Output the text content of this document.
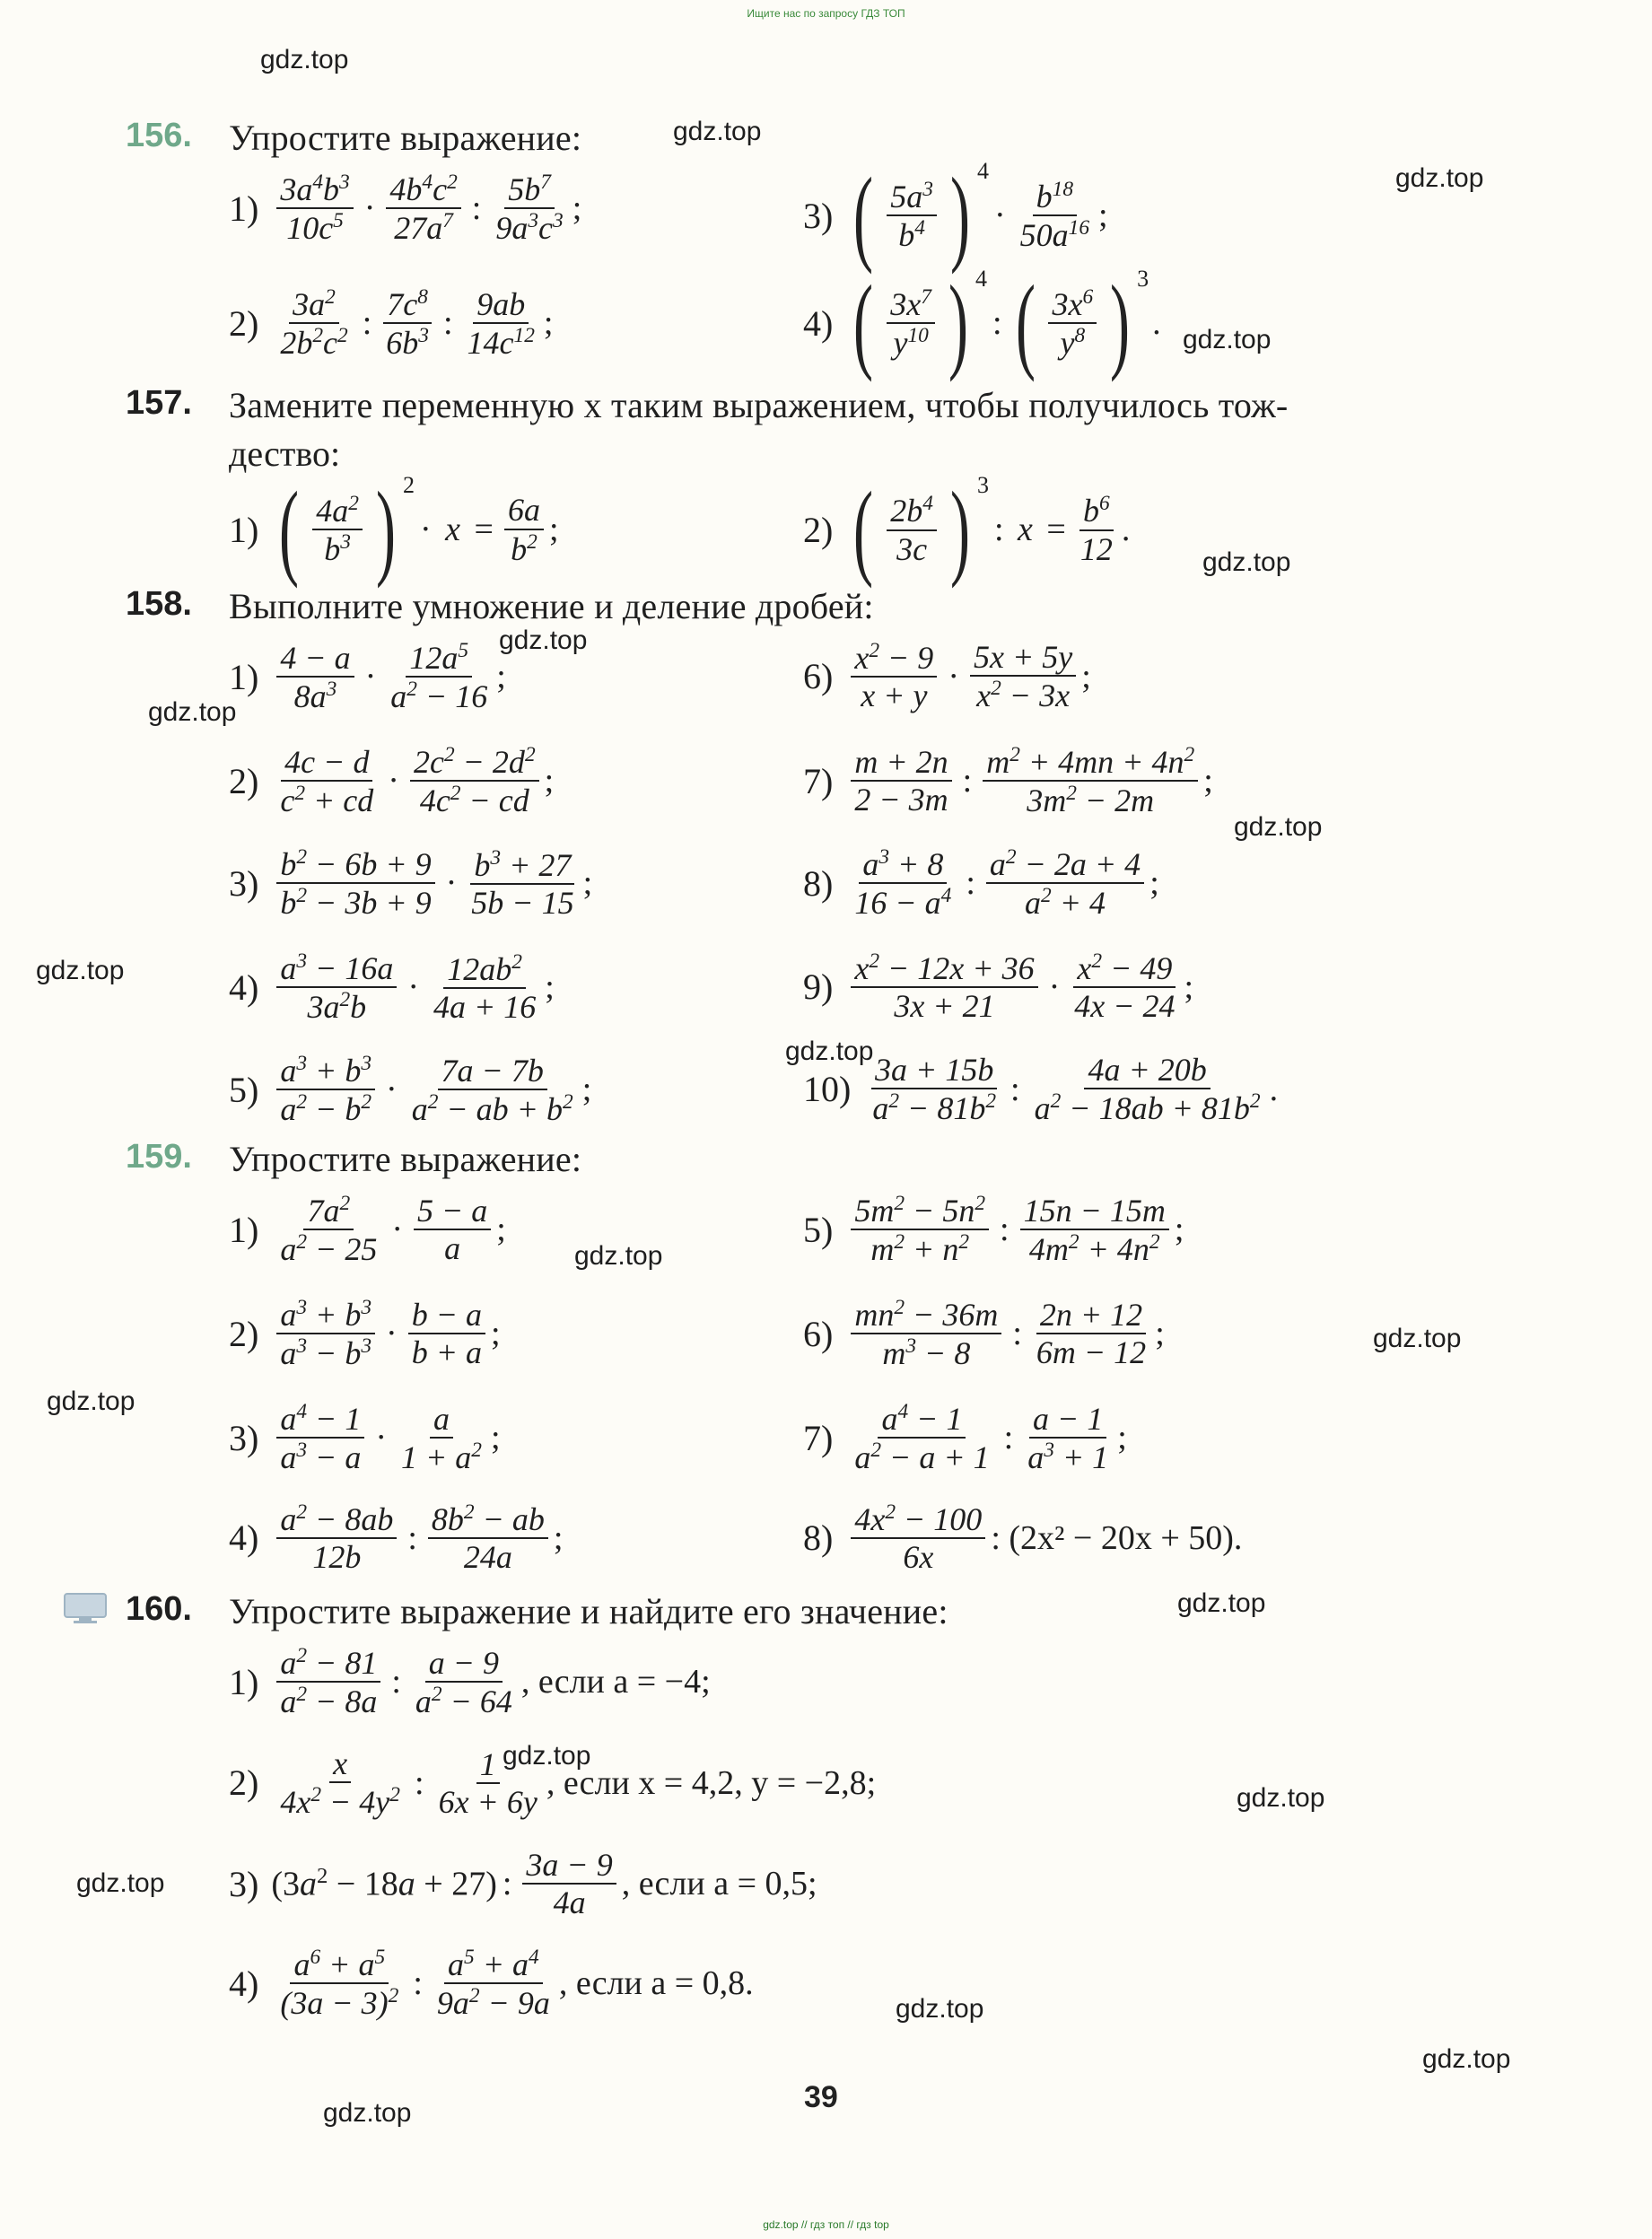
Ищите нас по запросу ГДЗ ТОП
gdz.top // гдз топ // гдз top
gdz.top
gdz.top
gdz.top
gdz.top
gdz.top
gdz.top
gdz.top
gdz.top
gdz.top
gdz.top
gdz.top
gdz.top
gdz.top
gdz.top
gdz.top
gdz.top
gdz.top
gdz.top
gdz.top
gdz.top
156. Упростите выражение:
1) $3a^4b^3$
$10c^5$ ·
$4b^4c^2$
$27a^7$ :
$5b^7$
$9a^3c^3$ ;
2) $3a^2$
$2b^2c^2$ :
$7c^8$
$6b^3$ :
9ab
$14c^{12}$ ;
3) ( $5a^3$
$b^4$ ) 4
·
$b^{18}$
$50a^{16}$ ;
4) ( $3x^7$
$y^{10}$ ) 4
: ( $3x^6$
$y^8$ ) 3
.
157. Замените переменную x таким выражением, чтобы получилось тож-
дество:
1) ( $4a^2$
$b^3$ ) 2
· $x = \frac{6a}{b^2}$ ;	2) ( $2b^4$
3c ) 3
: $x = \frac{b^6}{12}$ .
158. Выполните умножение и деление дробей:
1) 4 − a
$8a^3$ ·
$12a^5$
$a^2 - 16$
;
2) 4c − d
$c^2$ + cd
·
$2c^2 - 2d^2$
$4c^2$ − cd
;
3) $b^2 - 6b + 9$
$b^2 - 3b + 9$
· $b^3 + 27$
5b − 15
;
4) $a^3 - 16a$
$3a^2b$
· $12ab^2$
4a + 16
;
5) $a^3 + b^3$
$a^2 - b^2$ ·
7a − 7b
$a^2$ − ab + $b^2$ ;
6) $x^2 - 9$
x + y
·
5x + 5y
$x^2 - 3x$
;
7) m + 2n
2 − 3m :
$m^2 + 4mn + 4n^2$
$3m^2 - 2m$
;
8) $a^3 + 8$
$16 - a^4$ :
$a^2 - 2a + 4$
$a^2 + 4$
;
9) $x^2 - 12x + 36$
3x + 21
· $x^2 - 49$
4x − 24
;
10) 3a + 15b
$a^2 - 81b^2$ :
4a + 20b
$a^2 - 18ab + 81b^2$ .
159. Упростите выражение:
1) $7a^2$
$a^2 - 25$
·
5 − a
a ;
2) $a^3 + b^3$
$a^3 - b^3$ ·
b − a
b + a ;
3) $a^4 - 1$
$a^3 - a$
·
a
$1 + a^2$ ;
4) $a^2 - 8ab$
12b
: $8b^2$ − ab
24a
;
5) $5m^2 - 5n^2$
$m^2 + n^2$ :
15n − 15m
$4m^2 + 4n^2$ ;
6) $mn^2 - 36m$
$m^3 - 8$
:
2n + 12
6m − 12 ;
7) $a^4 - 1$
$a^2 - a + 1$
:
a − 1
$a^3 + 1$
;
8) $4x^2 - 100$
6x
: (2x² − 20x + 50).
160. Упростите выражение и найдите его значение:
1) $a^2 - 81$
$a^2 - 8a$
:
a − 9
$a^2 - 64$
, если a = −4;
2) x
$4x^2 - 4y^2$ :
1
6x + 6y , если x = 4,2, y = −2,8;
3) $(3a^2 - 18a + 27)$ :
3a − 9
4a , если a = 0,5;
4) $a^6 + a^5$
$(3a - 3)^2$ :
$a^5 + a^4$
$9a^2 - 9a$
, если a = 0,8.
39
